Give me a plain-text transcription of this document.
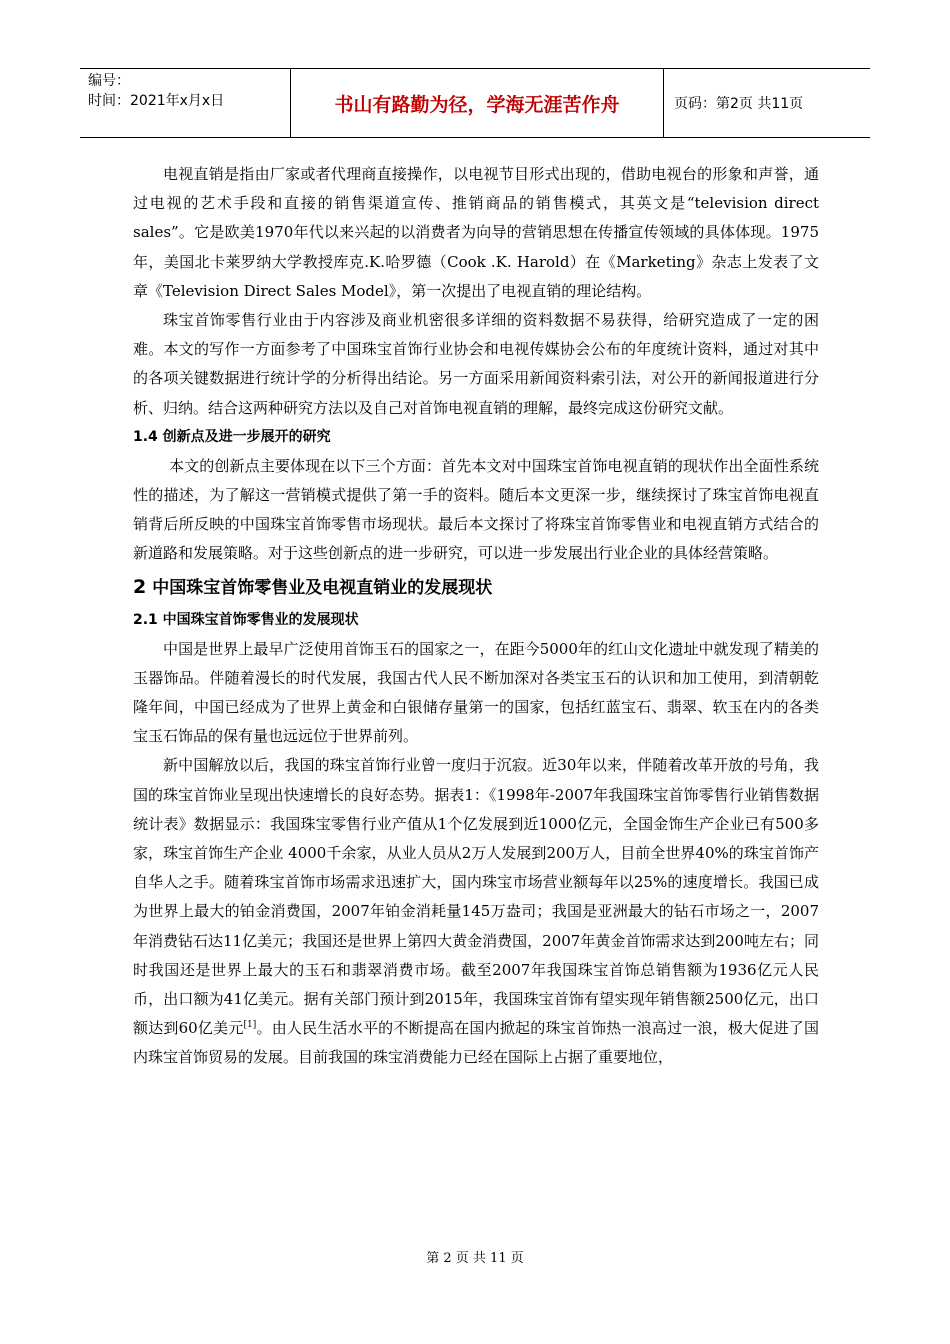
编号：
时间：2021年x月x日	书山有路勤为径，学海无涯苦作舟	页码：第2页 共11页

电视直销是指由厂家或者代理商直接操作，以电视节目形式出现的，借助电视台的形象和声誉，通过电视的艺术手段和直接的销售渠道宣传、推销商品的销售模式，其英文是“television direct sales”。它是欧美1970年代以来兴起的以消费者为向导的营销思想在传播宣传领域的具体体现。1975年，美国北卡莱罗纳大学教授库克.K.哈罗德（Cook .K. Harold）在《Marketing》杂志上发表了文章《Television Direct Sales Model》，第一次提出了电视直销的理论结构。

珠宝首饰零售行业由于内容涉及商业机密很多详细的资料数据不易获得，给研究造成了一定的困难。本文的写作一方面参考了中国珠宝首饰行业协会和电视传媒协会公布的年度统计资料，通过对其中的各项关键数据进行统计学的分析得出结论。另一方面采用新闻资料索引法，对公开的新闻报道进行分析、归纳。结合这两种研究方法以及自己对首饰电视直销的理解，最终完成这份研究文献。

1.4 创新点及进一步展开的研究

本文的创新点主要体现在以下三个方面：首先本文对中国珠宝首饰电视直销的现状作出全面性系统性的描述，为了解这一营销模式提供了第一手的资料。随后本文更深一步，继续探讨了珠宝首饰电视直销背后所反映的中国珠宝首饰零售市场现状。最后本文探讨了将珠宝首饰零售业和电视直销方式结合的新道路和发展策略。对于这些创新点的进一步研究，可以进一步发展出行业企业的具体经营策略。

2 中国珠宝首饰零售业及电视直销业的发展现状

2.1 中国珠宝首饰零售业的发展现状

中国是世界上最早广泛使用首饰玉石的国家之一，在距今5000年的红山文化遗址中就发现了精美的玉器饰品。伴随着漫长的时代发展，我国古代人民不断加深对各类宝玉石的认识和加工使用，到清朝乾隆年间，中国已经成为了世界上黄金和白银储存量第一的国家，包括红蓝宝石、翡翠、软玉在内的各类宝玉石饰品的保有量也远远位于世界前列。

新中国解放以后，我国的珠宝首饰行业曾一度归于沉寂。近30年以来，伴随着改革开放的号角，我国的珠宝首饰业呈现出快速增长的良好态势。据表1：《1998年-2007年我国珠宝首饰零售行业销售数据统计表》数据显示：我国珠宝零售行业产值从1个亿发展到近1000亿元，全国金饰生产企业已有500多家，珠宝首饰生产企业 4000千余家，从业人员从2万人发展到200万人，目前全世界40%的珠宝首饰产自华人之手。随着珠宝首饰市场需求迅速扩大，国内珠宝市场营业额每年以25%的速度增长。我国已成为世界上最大的铂金消费国，2007年铂金消耗量145万盎司；我国是亚洲最大的钻石市场之一，2007年消费钻石达11亿美元；我国还是世界上第四大黄金消费国，2007年黄金首饰需求达到200吨左右；同时我国还是世界上最大的玉石和翡翠消费市场。截至2007年我国珠宝首饰总销售额为1936亿元人民币，出口额为41亿美元。据有关部门预计到2015年，我国珠宝首饰有望实现年销售额2500亿元，出口额达到60亿美元[1]。由人民生活水平的不断提高在国内掀起的珠宝首饰热一浪高过一浪，极大促进了国内珠宝首饰贸易的发展。目前我国的珠宝消费能力已经在国际上占据了重要地位，

第 2 页 共 11 页
